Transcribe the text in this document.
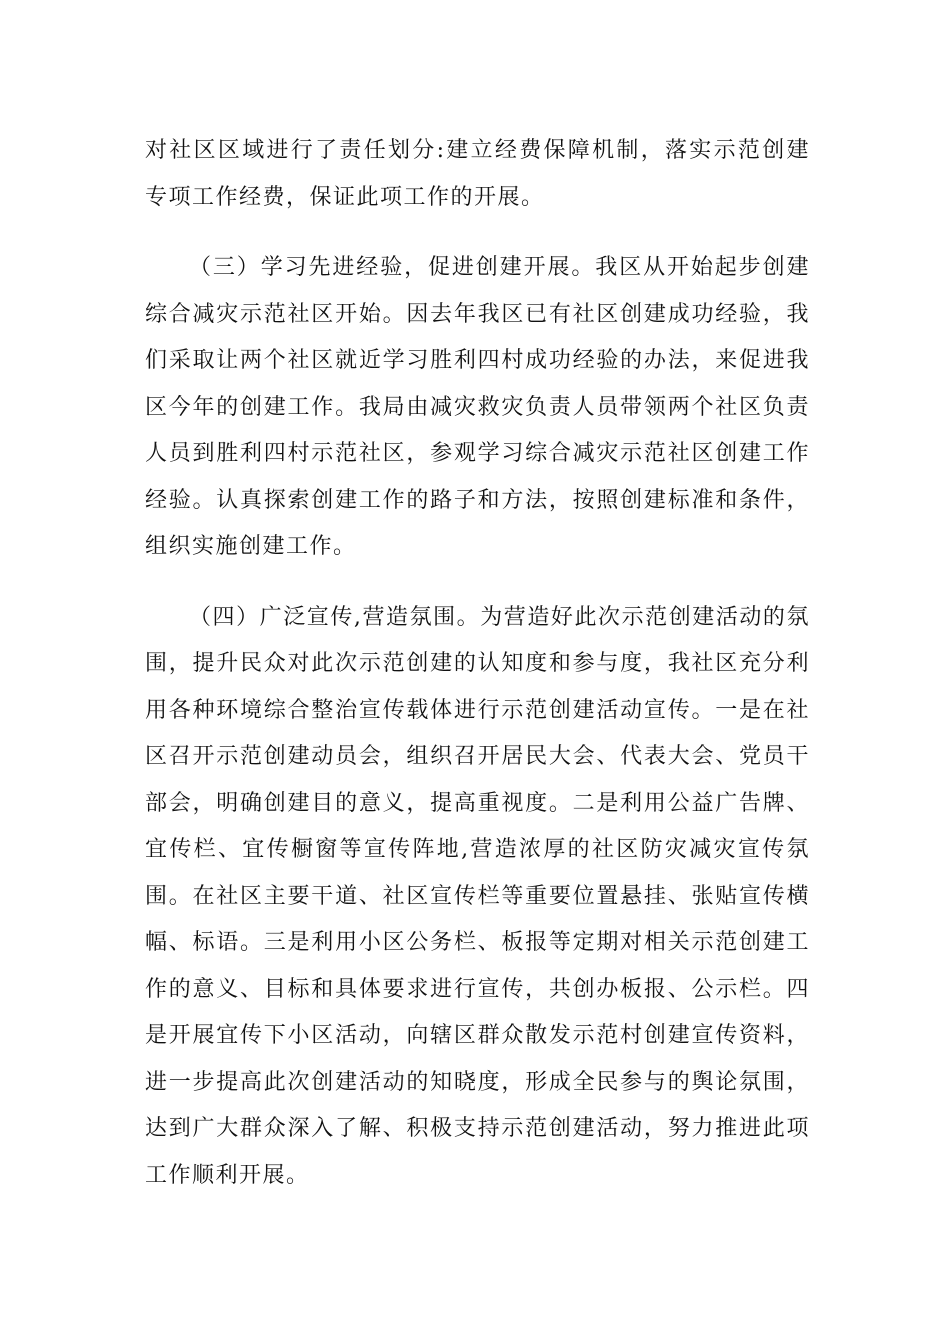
对社区区域进行了责任划分:建立经费保障机制，落实示范创建专项工作经费，保证此项工作的开展。

（三）学习先进经验，促进创建开展。我区从开始起步创建综合减灾示范社区开始。因去年我区已有社区创建成功经验，我们采取让两个社区就近学习胜利四村成功经验的办法，来促进我区今年的创建工作。我局由减灾救灾负责人员带领两个社区负责人员到胜利四村示范社区，参观学习综合减灾示范社区创建工作经验。认真探索创建工作的路子和方法，按照创建标准和条件，组织实施创建工作。

（四）广泛宣传,营造氛围。为营造好此次示范创建活动的氛围，提升民众对此次示范创建的认知度和参与度，我社区充分利用各种环境综合整治宣传载体进行示范创建活动宣传。一是在社区召开示范创建动员会，组织召开居民大会、代表大会、党员干部会，明确创建目的意义，提高重视度。二是利用公益广告牌、宜传栏、宜传橱窗等宣传阵地,营造浓厚的社区防灾减灾宣传氛围。在社区主要干道、社区宣传栏等重要位置悬挂、张贴宣传横幅、标语。三是利用小区公务栏、板报等定期对相关示范创建工作的意义、目标和具体要求进行宣传，共创办板报、公示栏。四是开展宜传下小区活动，向辖区群众散发示范村创建宣传资料，进一步提高此次创建活动的知晓度，形成全民参与的舆论氛围，达到广大群众深入了解、积极支持示范创建活动，努力推进此项工作顺利开展。
